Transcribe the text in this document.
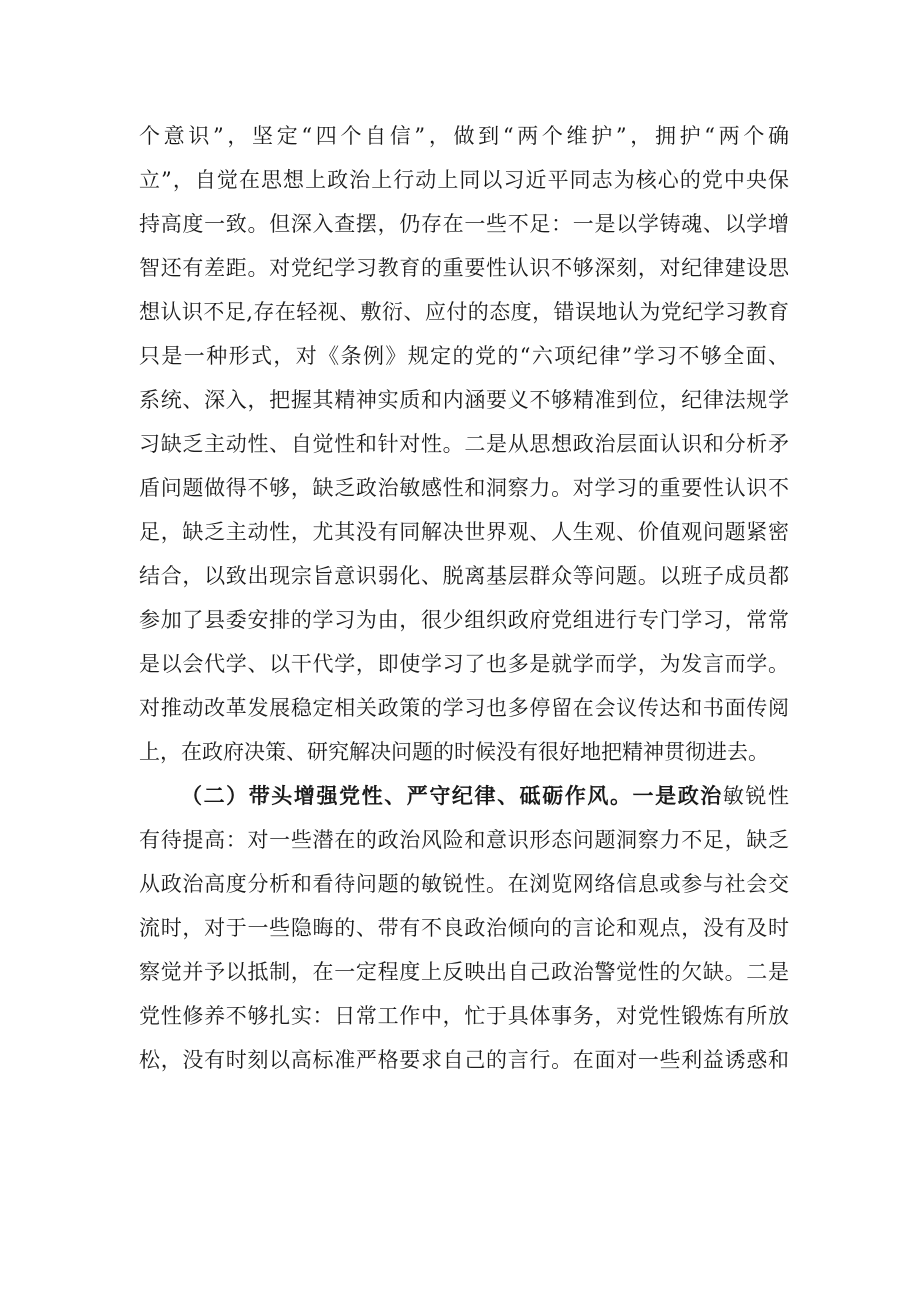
个意识”，坚定“四个自信”，做到“两个维护”，拥护“两个确
立”，自觉在思想上政治上行动上同以习近平同志为核心的党中央保
持高度一致。但深入查摆，仍存在一些不足：一是以学铸魂、以学增
智还有差距。对党纪学习教育的重要性认识不够深刻，对纪律建设思
想认识不足,存在轻视、敷衍、应付的态度，错误地认为党纪学习教育
只是一种形式，对《条例》规定的党的“六项纪律”学习不够全面、
系统、深入，把握其精神实质和内涵要义不够精准到位，纪律法规学
习缺乏主动性、自觉性和针对性。二是从思想政治层面认识和分析矛
盾问题做得不够，缺乏政治敏感性和洞察力。对学习的重要性认识不
足，缺乏主动性，尤其没有同解决世界观、人生观、价值观问题紧密
结合，以致出现宗旨意识弱化、脱离基层群众等问题。以班子成员都
参加了县委安排的学习为由，很少组织政府党组进行专门学习，常常
是以会代学、以干代学，即使学习了也多是就学而学，为发言而学。
对推动改革发展稳定相关政策的学习也多停留在会议传达和书面传阅
上，在政府决策、研究解决问题的时候没有很好地把精神贯彻进去。
（二）带头增强党性、严守纪律、砥砺作风。一是政治敏锐性
有待提高：对一些潜在的政治风险和意识形态问题洞察力不足，缺乏
从政治高度分析和看待问题的敏锐性。在浏览网络信息或参与社会交
流时，对于一些隐晦的、带有不良政治倾向的言论和观点，没有及时
察觉并予以抵制，在一定程度上反映出自己政治警觉性的欠缺。二是
党性修养不够扎实：日常工作中，忙于具体事务，对党性锻炼有所放
松，没有时刻以高标准严格要求自己的言行。在面对一些利益诱惑和
